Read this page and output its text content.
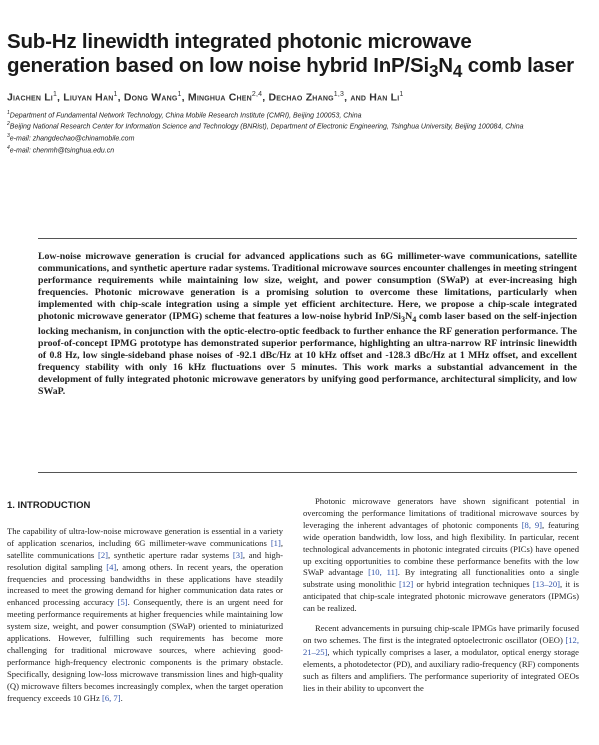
Sub-Hz linewidth integrated photonic microwave generation based on low noise hybrid InP/$Si_3N_4$ comb laser
Jiachen Li$^1$, Liuyan Han$^1$, Dong Wang$^1$, Minghua Chen$^{2,4}$, Dechao Zhang$^{1,3}$, and Han Li$^1$
$^1$Department of Fundamental Network Technology, China Mobile Research Institute (CMRI), Beijing 100053, China
$^2$Beijing National Research Center for Information Science and Technology (BNRist), Department of Electronic Engineering, Tsinghua University, Beijing 100084, China
$^3$e-mail: zhangdechao@chinamobile.com
$^4$e-mail: chenmh@tsinghua.edu.cn
Low-noise microwave generation is crucial for advanced applications such as 6G millimeter-wave communications, satellite communications, and synthetic aperture radar systems. Traditional microwave sources encounter challenges in meeting stringent performance requirements while maintaining low size, weight, and power consumption (SWaP) at ever-increasing high frequencies. Photonic microwave generation is a promising solution to overcome these limitations, particularly when implemented with chip-scale integration using a simple yet efficient architecture. Here, we propose a chip-scale integrated photonic microwave generator (IPMG) scheme that features a low-noise hybrid InP/$Si_3N_4$ comb laser based on the self-injection locking mechanism, in conjunction with the optic-electro-optic feedback to further enhance the RF generation performance. The proof-of-concept IPMG prototype has demonstrated superior performance, highlighting an ultra-narrow RF intrinsic linewidth of 0.8 Hz, low single-sideband phase noises of -92.1 dBc/Hz at 10 kHz offset and -128.3 dBc/Hz at 1 MHz offset, and excellent frequency stability with only 16 kHz fluctuations over 5 minutes. This work marks a substantial advancement in the development of fully integrated photonic microwave generators by unifying good performance, architectural simplicity, and low SWaP.
1. INTRODUCTION

The capability of ultra-low-noise microwave generation is essential in a variety of application scenarios, including 6G millimeter-wave communications [1], satellite communications [2], synthetic aperture radar systems [3], and high-resolution digital sampling [4], among others. In recent years, the operation frequencies and processing bandwidths in these applications have steadily increased to meet the growing demand for higher communication data rates or enhanced processing accuracy [5]. Consequently, there is an urgent need for meeting performance requirements at higher frequencies while maintaining low system size, weight, and power consumption (SWaP) oriented to miniaturized applications. However, fulfilling such requirements has become more challenging for traditional microwave sources, where achieving good-performance high-frequency electronic components is the primary obstacle. Specifically, designing low-loss microwave transmission lines and high-quality (Q) microwave filters becomes increasingly complex, when the target operation frequency exceeds 10 GHz [6, 7].

Photonic microwave generators have shown significant potential in overcoming the performance limitations of traditional microwave sources by leveraging the inherent advantages of photonic components [8, 9], featuring wide operation bandwidth, low loss, and high flexibility. In particular, recent technological advancements in photonic integrated circuits (PICs) have opened up exciting opportunities to combine these performance benefits with the low SWaP advantage [10, 11]. By integrating all functionalities onto a single substrate using monolithic [12] or hybrid integration techniques [13–20], it is anticipated that chip-scale integrated photonic microwave generators (IPMGs) can be realized.

Recent advancements in pursuing chip-scale IPMGs have primarily focused on two schemes. The first is the integrated optoelectronic oscillator (OEO) [12, 21–25], which typically comprises a laser, a modulator, optical energy storage elements, a photodetector (PD), and auxiliary radio-frequency (RF) components such as filters and amplifiers. The performance superiority of integrated OEOs lies in their ability to upconvert the
